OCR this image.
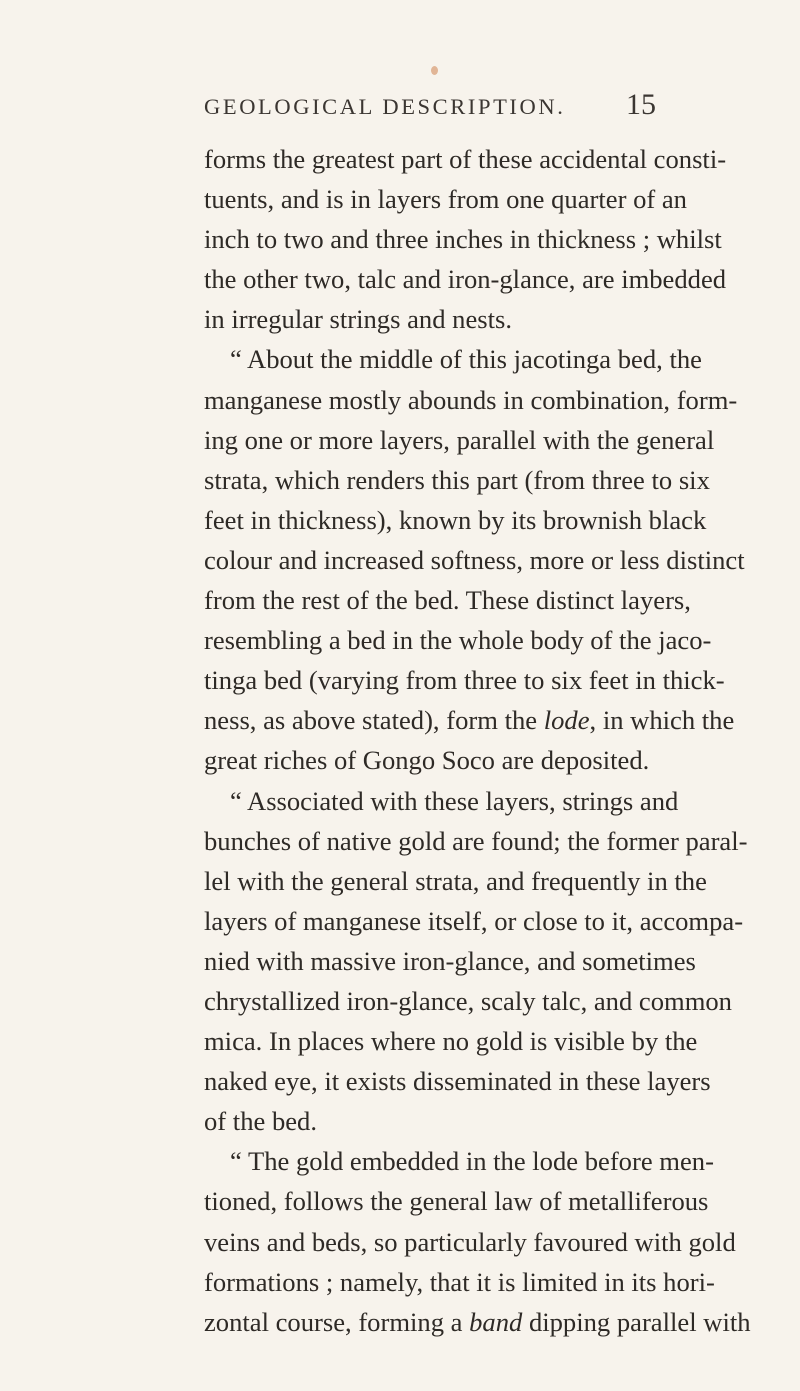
GEOLOGICAL DESCRIPTION. 15
forms the greatest part of these accidental consti-
tuents, and is in layers from one quarter of an
inch to two and three inches in thickness ; whilst
the other two, talc and iron-glance, are imbedded
in irregular strings and nests.
“ About the middle of this jacotinga bed, the
manganese mostly abounds in combination, form-
ing one or more layers, parallel with the general
strata, which renders this part (from three to six
feet in thickness), known by its brownish black
colour and increased softness, more or less distinct
from the rest of the bed. These distinct layers,
resembling a bed in the whole body of the jaco-
tinga bed (varying from three to six feet in thick-
ness, as above stated), form the lode, in which the
great riches of Gongo Soco are deposited.
“ Associated with these layers, strings and
bunches of native gold are found; the former paral-
lel with the general strata, and frequently in the
layers of manganese itself, or close to it, accompa-
nied with massive iron-glance, and sometimes
chrystallized iron-glance, scaly talc, and common
mica. In places where no gold is visible by the
naked eye, it exists disseminated in these layers
of the bed.
“ The gold embedded in the lode before men-
tioned, follows the general law of metalliferous
veins and beds, so particularly favoured with gold
formations ; namely, that it is limited in its hori-
zontal course, forming a band dipping parallel with
